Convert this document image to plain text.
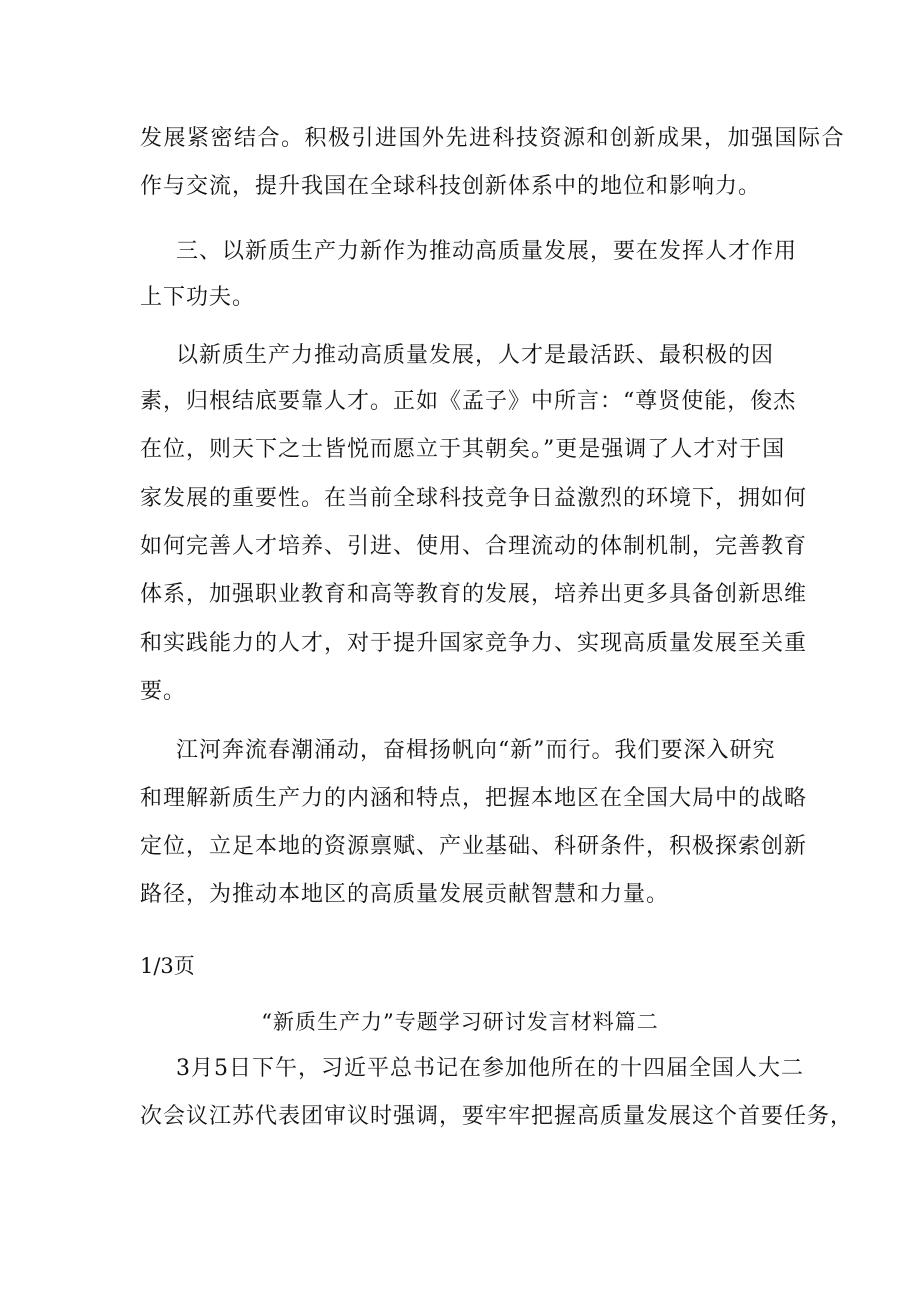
发展紧密结合。积极引进国外先进科技资源和创新成果，加强国际合
作与交流，提升我国在全球科技创新体系中的地位和影响力。
三、以新质生产力新作为推动高质量发展，要在发挥人才作用
上下功夫。
以新质生产力推动高质量发展，人才是最活跃、最积极的因
素，归根结底要靠人才。正如《孟子》中所言：“尊贤使能，俊杰
在位，则天下之士皆悦而愿立于其朝矣。”更是强调了人才对于国
家发展的重要性。在当前全球科技竞争日益激烈的环境下，拥如何
如何完善人才培养、引进、使用、合理流动的体制机制，完善教育
体系，加强职业教育和高等教育的发展，培养出更多具备创新思维
和实践能力的人才，对于提升国家竞争力、实现高质量发展至关重
要。
江河奔流春潮涌动，奋楫扬帆向“新”而行。我们要深入研究
和理解新质生产力的内涵和特点，把握本地区在全国大局中的战略
定位，立足本地的资源禀赋、产业基础、科研条件，积极探索创新
路径，为推动本地区的高质量发展贡献智慧和力量。
1/3页
“新质生产力”专题学习研讨发言材料篇二
3月5日下午，习近平总书记在参加他所在的十四届全国人大二
次会议江苏代表团审议时强调，要牢牢把握高质量发展这个首要任务，
